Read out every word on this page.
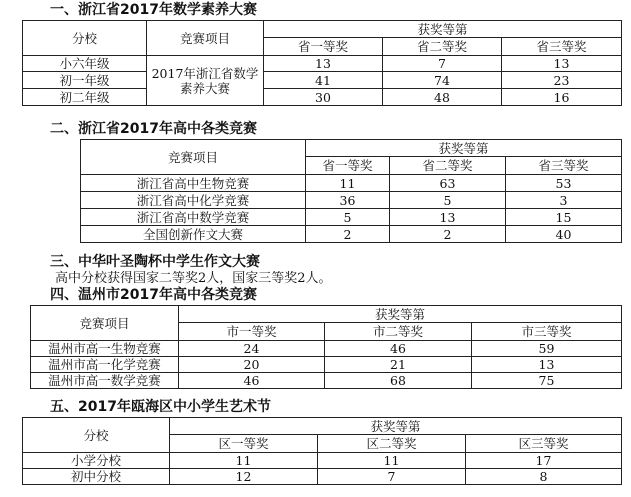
一、浙江省2017年数学素养大赛
分校	竞赛项目	获奖等第		
		省一等奖	省二等奖	省三等奖
小六年级	2017年浙江省数学素养大赛	13	7	13
初一年级		41	74	23
初二年级		30	48	16
二、浙江省2017年高中各类竞赛
竞赛项目	获奖等第		
	省一等奖	省二等奖	省三等奖
浙江省高中生物竞赛	11	63	53
浙江省高中化学竞赛	36	5	3
浙江省高中数学竞赛	5	13	15
全国创新作文大赛	2	2	40
三、中华叶圣陶杯中学生作文大赛
高中分校获得国家二等奖2人，国家三等奖2人。
四、温州市2017年高中各类竞赛
竞赛项目	获奖等第		
	市一等奖	市二等奖	市三等奖
温州市高一生物竞赛	24	46	59
温州市高一化学竞赛	20	21	13
温州市高一数学竞赛	46	68	75
五、2017年瓯海区中小学生艺术节
分校	获奖等第		
	区一等奖	区二等奖	区三等奖
小学分校	11	11	17
初中分校	12	7	8
